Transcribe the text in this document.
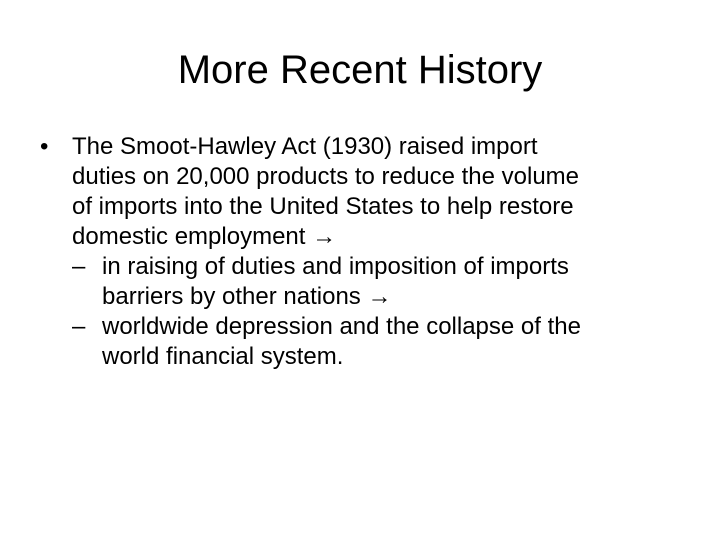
More Recent History
• The Smoot-Hawley Act (1930) raised import
duties on 20,000 products to reduce the volume
of imports into the United States to help restore
domestic employment →
– in raising of duties and imposition of imports
barriers by other nations →
– worldwide depression and the collapse of the
world financial system.
